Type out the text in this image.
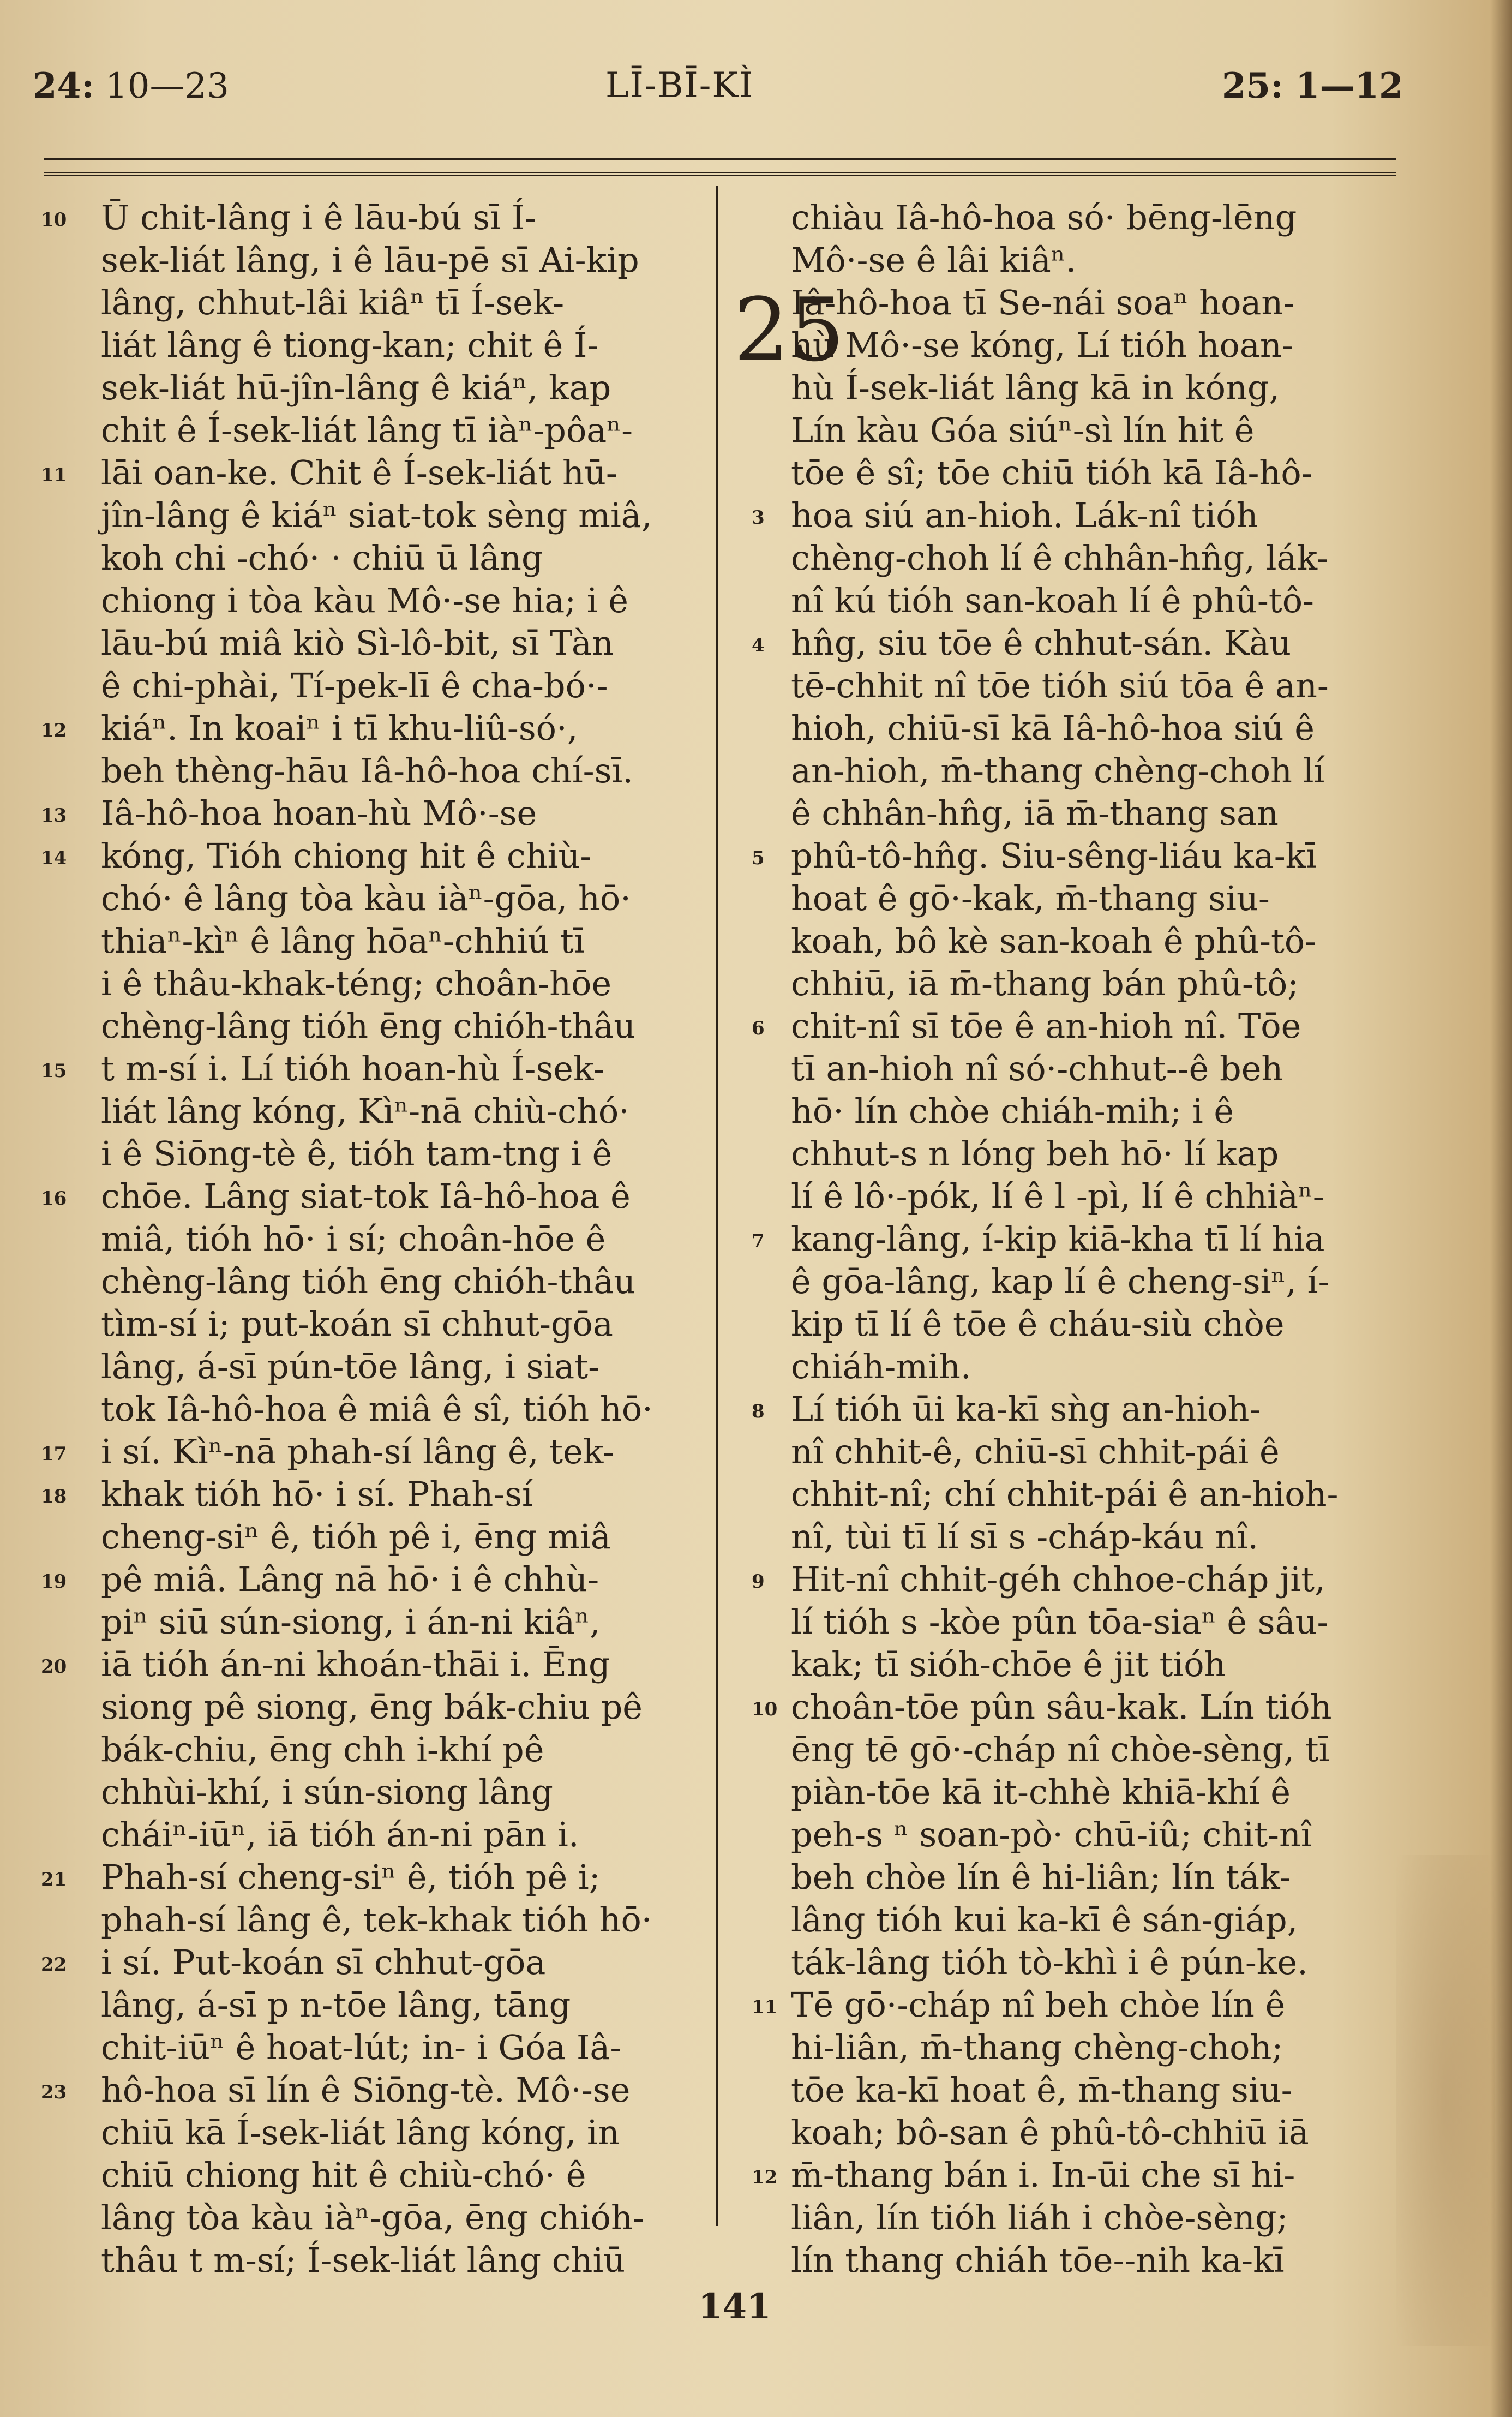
24: 10—23	LĪ-BĪ-KÌ	25: 1—12
Ū chit-lâng i ê lāu-bú sī Í-
sek-liát lâng, i ê lāu-pē sī Ai-kip
lâng, chhut-lâi kiâⁿ tī Í-sek-
liát lâng ê tiong-kan; chit ê Í-
sek-liát hū-jîn-lâng ê kiáⁿ, kap
chit ê Í-sek-liát lâng tī iàⁿ-pôaⁿ-
lāi oan-ke. Chit ê Í-sek-liát hū-
jîn-lâng ê kiáⁿ siat-tok sèng miâ,
koh chi -chó· · chiū ū lâng
chiong i tòa kàu Mô·-se hia; i ê
lāu-bú miâ kiò Sì-lô-bit, sī Tàn
ê chi-phài, Tí-pek-lī ê cha-bó·-
kiáⁿ. In koaiⁿ i tī khu-liû-só·,
beh thèng-hāu Iâ-hô-hoa chí-sī.
Iâ-hô-hoa hoan-hù Mô·-se
kóng, Tióh chiong hit ê chiù-
chó· ê lâng tòa kàu iàⁿ-gōa, hō·
thiaⁿ-kìⁿ ê lâng hōaⁿ-chhiú tī
i ê thâu-khak-téng; choân-hōe
chèng-lâng tióh ēng chióh-thâu
t m-sí i. Lí tióh hoan-hù Í-sek-
liát lâng kóng, Kìⁿ-nā chiù-chó·
i ê Siōng-tè ê, tióh tam-tng i ê
chōe. Lâng siat-tok Iâ-hô-hoa ê
miâ, tióh hō· i sí; choân-hōe ê
chèng-lâng tióh ēng chióh-thâu
tìm-sí i; put-koán sī chhut-gōa
lâng, á-sī pún-tōe lâng, i siat-
tok Iâ-hô-hoa ê miâ ê sî, tióh hō·
i sí. Kìⁿ-nā phah-sí lâng ê, tek-
khak tióh hō· i sí. Phah-sí
cheng-siⁿ ê, tióh pê i, ēng miâ
pê miâ. Lâng nā hō· i ê chhù-
piⁿ siū sún-siong, i án-ni kiâⁿ,
iā tióh án-ni khoán-thāi i. Ēng
siong pê siong, ēng bák-chiu pê
bák-chiu, ēng chh i-khí pê
chhùi-khí, i sún-siong lâng
cháiⁿ-iūⁿ, iā tióh án-ni pān i.
Phah-sí cheng-siⁿ ê, tióh pê i;
phah-sí lâng ê, tek-khak tióh hō·
i sí. Put-koán sī chhut-gōa
lâng, á-sī p n-tōe lâng, tāng
chit-iūⁿ ê hoat-lút; in- i Góa Iâ-
hô-hoa sī lín ê Siōng-tè. Mô·-se
chiū kā Í-sek-liát lâng kóng, in
chiū chiong hit ê chiù-chó· ê
lâng tòa kàu iàⁿ-gōa, ēng chióh-
thâu t m-sí; Í-sek-liát lâng chiū
chiàu Iâ-hô-hoa só· bēng-lēng
Mô·-se ê lâi kiâⁿ.
Iâ-hô-hoa tī Se-nái soaⁿ hoan-
hù Mô·-se kóng, Lí tióh hoan-
hù Í-sek-liát lâng kā in kóng,
Lín kàu Góa siúⁿ-sì lín hit ê
tōe ê sî; tōe chiū tióh kā Iâ-hô-
hoa siú an-hioh. Lák-nî tióh
chèng-choh lí ê chhân-hn̂g, lák-
nî kú tióh san-koah lí ê phû-tô-
hn̂g, siu tōe ê chhut-sán. Kàu
tē-chhit nî tōe tióh siú tōa ê an-
hioh, chiū-sī kā Iâ-hô-hoa siú ê
an-hioh, m̄-thang chèng-choh lí
ê chhân-hn̂g, iā m̄-thang san
phû-tô-hn̂g. Siu-sêng-liáu ka-kī
hoat ê gō·-kak, m̄-thang siu-
koah, bô kè san-koah ê phû-tô-
chhiū, iā m̄-thang bán phû-tô;
chit-nî sī tōe ê an-hioh nî. Tōe
tī an-hioh nî só·-chhut--ê beh
hō· lín chòe chiáh-mih; i ê
chhut-s n lóng beh hō· lí kap
lí ê lô·-pók, lí ê l -pì, lí ê chhiàⁿ-
kang-lâng, í-kip kiā-kha tī lí hia
ê gōa-lâng, kap lí ê cheng-siⁿ, í-
kip tī lí ê tōe ê cháu-siù chòe
chiáh-mih.
Lí tióh ūi ka-kī sǹg an-hioh-
nî chhit-ê, chiū-sī chhit-pái ê
chhit-nî; chí chhit-pái ê an-hioh-
nî, tùi tī lí sī s -cháp-káu nî.
Hit-nî chhit-géh chhoe-cháp jit,
lí tióh s -kòe pûn tōa-siaⁿ ê sâu-
kak; tī sióh-chōe ê jit tióh
choân-tōe pûn sâu-kak. Lín tióh
ēng tē gō·-cháp nî chòe-sèng, tī
piàn-tōe kā it-chhè khiā-khí ê
peh-s ⁿ soan-pò· chū-iû; chit-nî
beh chòe lín ê hi-liân; lín ták-
lâng tióh kui ka-kī ê sán-giáp,
ták-lâng tióh tò-khì i ê pún-ke.
Tē gō·-cháp nî beh chòe lín ê
hi-liân, m̄-thang chèng-choh;
tōe ka-kī hoat ê, m̄-thang siu-
koah; bô-san ê phû-tô-chhiū iā
m̄-thang bán i. In-ūi che sī hi-
liân, lín tióh liáh i chòe-sèng;
lín thang chiáh tōe--nih ka-kī
25
141
10
11
12
13
14
15
16
17
18
19
20
21
22
23
3
4
5
6
7
8
9
10
11
12
